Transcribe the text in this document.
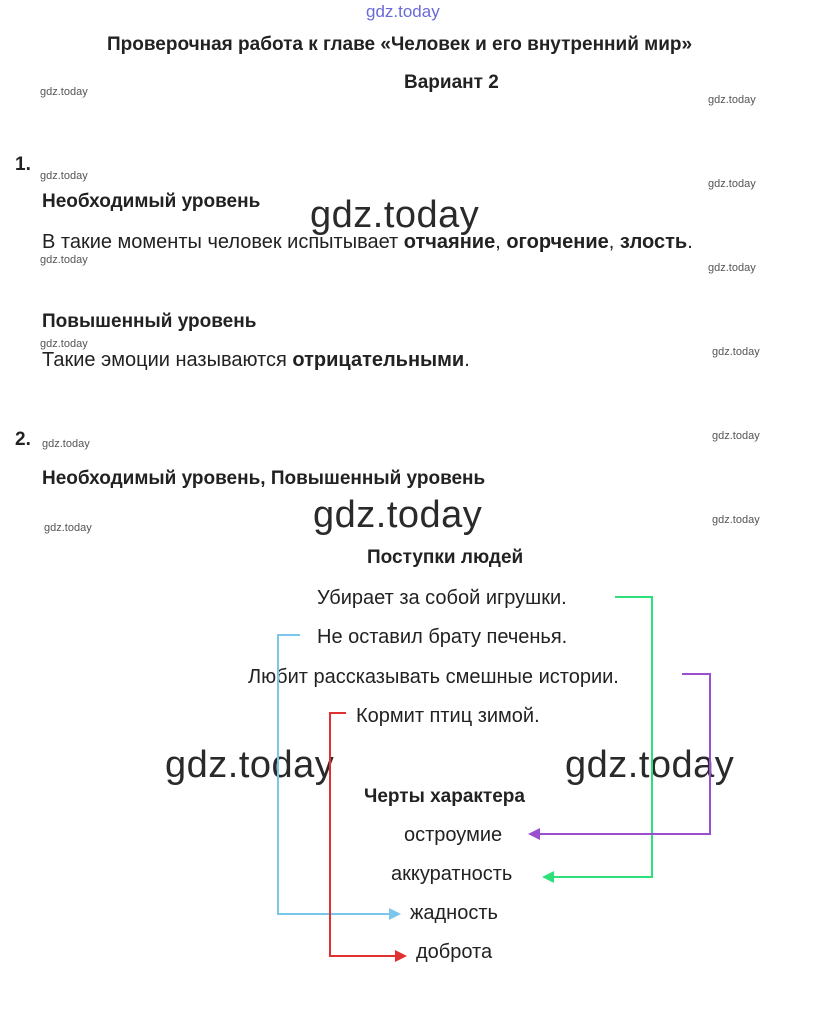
gdz.today
Проверочная работа к главе «Человек и его внутренний мир»
Вариант 2
gdz.today
gdz.today
gdz.today
gdz.today
gdz.today
gdz.today
gdz.today
gdz.today
gdz.today
gdz.today
gdz.today
gdz.today
gdz.today
gdz.today
gdz.today	gdz.today
1.
Необходимый уровень
В такие моменты человек испытывает отчаяние, огорчение, злость.
Повышенный уровень
Такие эмоции называются отрицательными.
2.
Необходимый уровень, Повышенный уровень
Поступки людей
Убирает за собой игрушки.
Не оставил брату печенья.
Любит рассказывать смешные истории.
Кормит птиц зимой.
Черты характера
остроумие
аккуратность
жадность
доброта
